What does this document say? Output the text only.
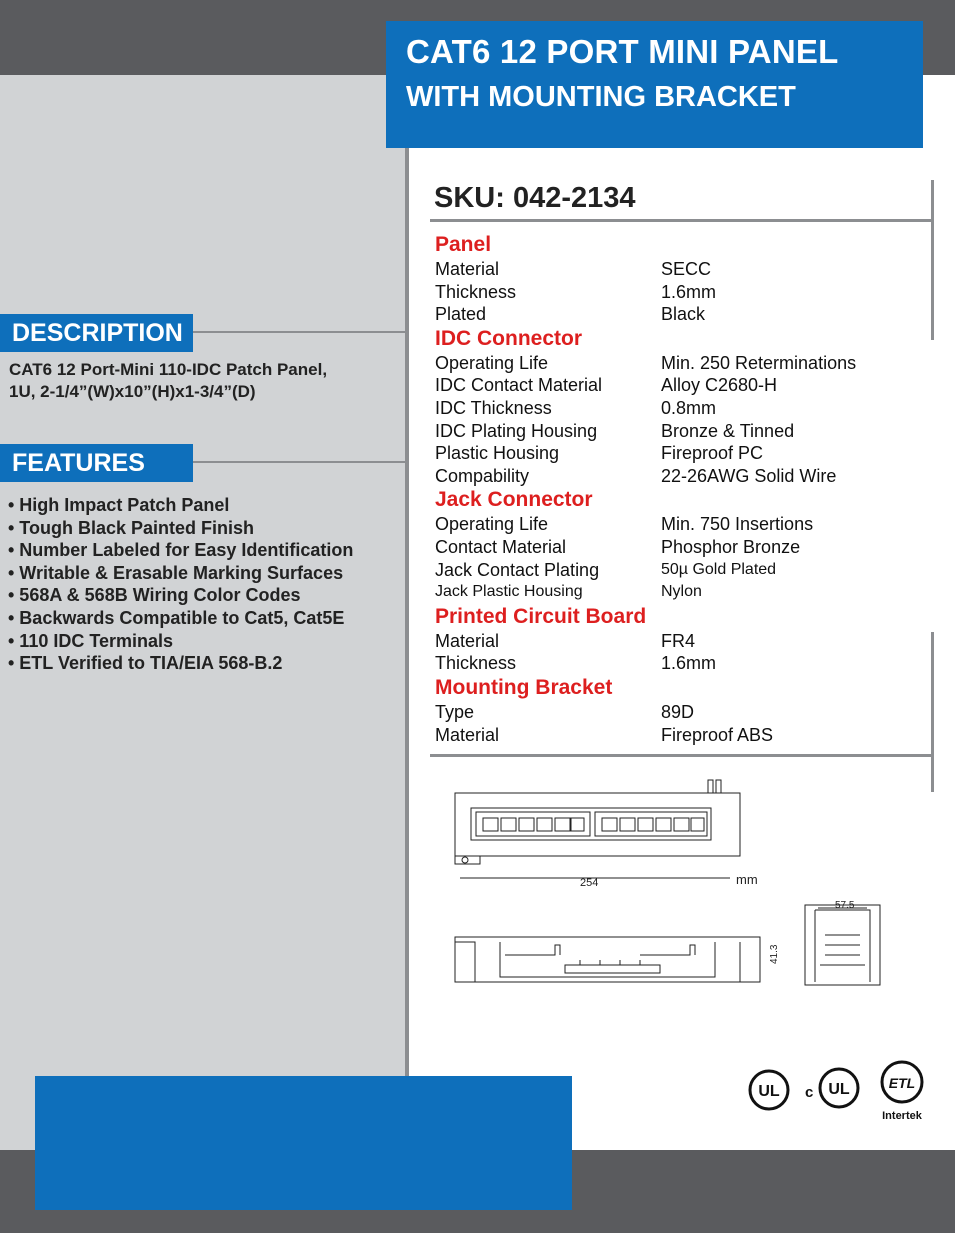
CAT6 12 PORT MINI PANEL
WITH MOUNTING BRACKET
DESCRIPTION
CAT6 12 Port-Mini 110-IDC Patch Panel,
1U, 2-1/4”(W)x10”(H)x1-3/4”(D)
FEATURES
• High Impact Patch Panel
• Tough Black Painted Finish
• Number Labeled for Easy Identification
• Writable & Erasable Marking Surfaces
• 568A & 568B Wiring Color Codes
• Backwards Compatible to Cat5, Cat5E
• 110 IDC Terminals
• ETL Verified to TIA/EIA 568-B.2
SKU: 042-2134
Panel
Material	SECC
Thickness	1.6mm
Plated	Black
IDC Connector
Operating Life	Min. 250 Reterminations
IDC Contact Material	Alloy C2680-H
IDC Thickness	0.8mm
IDC Plating Housing	Bronze & Tinned
Plastic Housing	Fireproof PC
Compability	22-26AWG Solid Wire
Jack Connector
Operating Life	Min. 750 Insertions
Contact Material	Phosphor Bronze
Jack Contact Plating	50µ Gold Plated
Jack Plastic Housing	Nylon
Printed Circuit Board
Material	FR4
Thickness	1.6mm
Mounting Bracket
Type	89D
Material	Fireproof ABS
254	mm
57.5
41.3
UL c UL	ETL
Intertek
